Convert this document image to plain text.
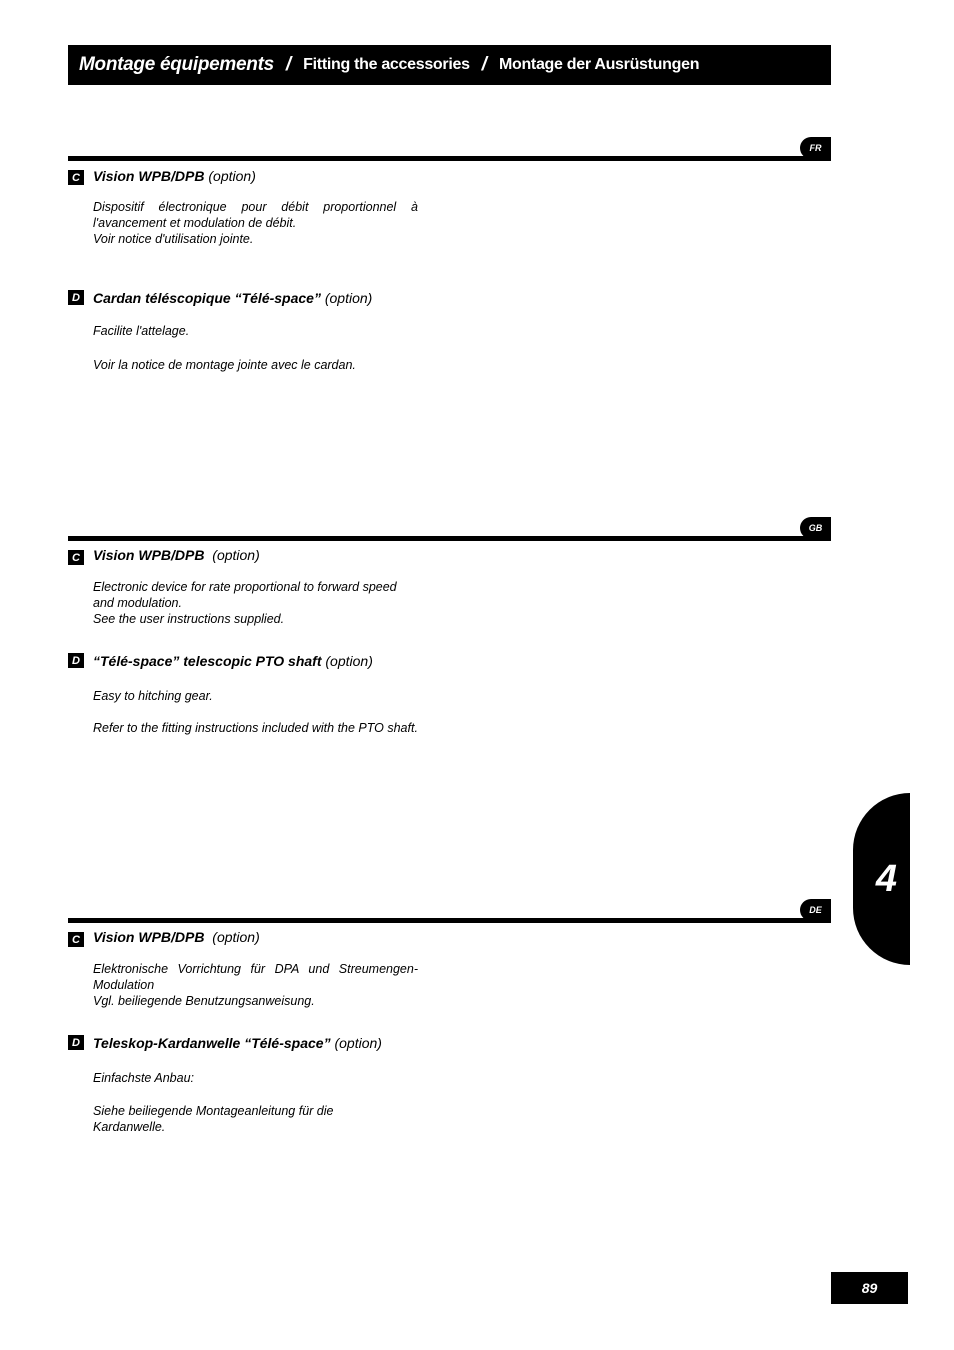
Montage équipements / Fitting the accessories / Montage der Ausrüstungen
FR
C Vision WPB/DPB (option)
Dispositif électronique pour débit proportionnel à
l'avancement et modulation de débit.
Voir notice d'utilisation jointe.
D Cardan téléscopique “Télé-space” (option)
Facilite l'attelage.
Voir la notice de montage jointe avec le cardan.
GB
C Vision WPB/DPB (option)
Electronic device for rate proportional to forward speed
and modulation.
See the user instructions supplied.
D “Télé-space” telescopic PTO shaft (option)
Easy to hitching gear.
Refer to the fitting instructions included with the PTO shaft.
DE
C Vision WPB/DPB (option)
Elektronische Vorrichtung für DPA und Streumengen-
Modulation
Vgl. beiliegende Benutzungsanweisung.
D Teleskop-Kardanwelle “Télé-space” (option)
Einfachste Anbau:
Siehe beiliegende Montageanleitung für die Kardanwelle.
4
89
